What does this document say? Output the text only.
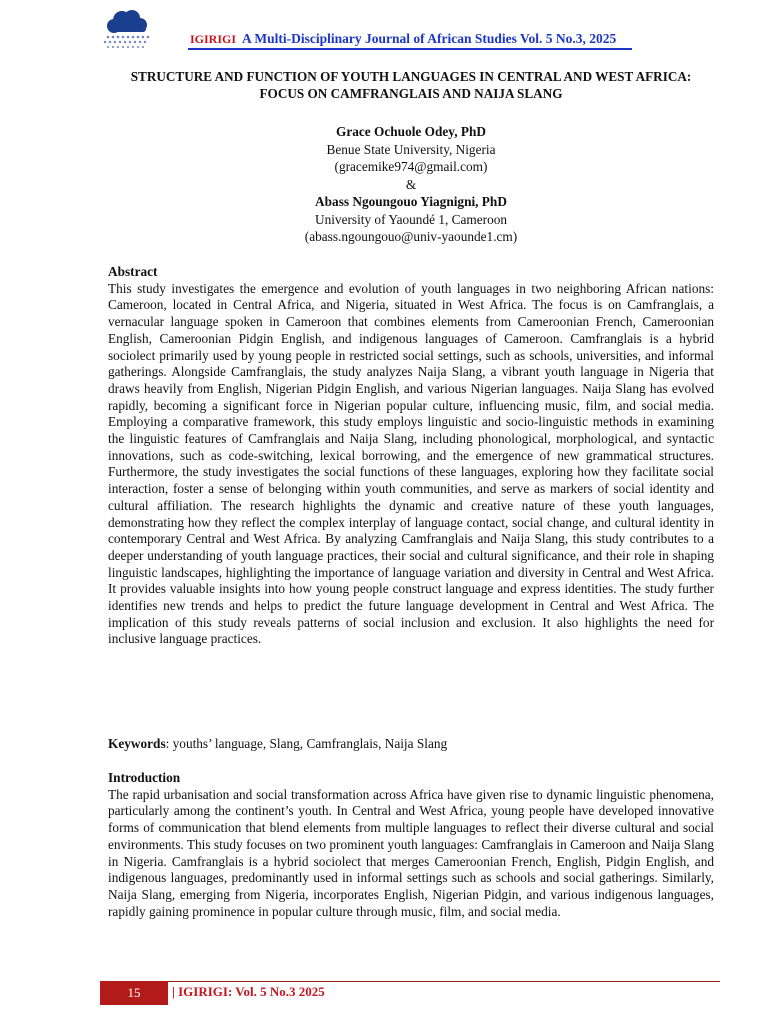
IGIRIGI A Multi-Disciplinary Journal of African Studies Vol. 5 No.3, 2025
STRUCTURE AND FUNCTION OF YOUTH LANGUAGES IN CENTRAL AND WEST AFRICA: FOCUS ON CAMFRANGLAIS AND NAIJA SLANG
Grace Ochuole Odey, PhD
Benue State University, Nigeria
(gracemike974@gmail.com)
&
Abass Ngoungouo Yiagnigni, PhD
University of Yaoundé 1, Cameroon
(abass.ngoungouo@univ-yaounde1.cm)
Abstract

This study investigates the emergence and evolution of youth languages in two neighboring African nations: Cameroon, located in Central Africa, and Nigeria, situated in West Africa. The focus is on Camfranglais, a vernacular language spoken in Cameroon that combines elements from Cameroonian French, Cameroonian English, Cameroonian Pidgin English, and indigenous languages of Cameroon. Camfranglais is a hybrid sociolect primarily used by young people in restricted social settings, such as schools, universities, and informal gatherings. Alongside Camfranglais, the study analyzes Naija Slang, a vibrant youth language in Nigeria that draws heavily from English, Nigerian Pidgin English, and various Nigerian languages. Naija Slang has evolved rapidly, becoming a significant force in Nigerian popular culture, influencing music, film, and social media. Employing a comparative framework, this study employs linguistic and socio-linguistic methods in examining the linguistic features of Camfranglais and Naija Slang, including phonological, morphological, and syntactic innovations, such as code-switching, lexical borrowing, and the emergence of new grammatical structures. Furthermore, the study investigates the social functions of these languages, exploring how they facilitate social interaction, foster a sense of belonging within youth communities, and serve as markers of social identity and cultural affiliation. The research highlights the dynamic and creative nature of these youth languages, demonstrating how they reflect the complex interplay of language contact, social change, and cultural identity in contemporary Central and West Africa. By analyzing Camfranglais and Naija Slang, this study contributes to a deeper understanding of youth language practices, their social and cultural significance, and their role in shaping linguistic landscapes, highlighting the importance of language variation and diversity in Central and West Africa. It provides valuable insights into how young people construct language and express identities. The study further identifies new trends and helps to predict the future language development in Central and West Africa. The implication of this study reveals patterns of social inclusion and exclusion. It also highlights the need for inclusive language practices.

Keywords: youths’ language, Slang, Camfranglais, Naija Slang

Introduction

The rapid urbanisation and social transformation across Africa have given rise to dynamic linguistic phenomena, particularly among the continent’s youth. In Central and West Africa, young people have developed innovative forms of communication that blend elements from multiple languages to reflect their diverse cultural and social environments. This study focuses on two prominent youth languages: Camfranglais in Cameroon and Naija Slang in Nigeria. Camfranglais is a hybrid sociolect that merges Cameroonian French, English, Pidgin English, and indigenous languages, predominantly used in informal settings such as schools and social gatherings. Similarly, Naija Slang, emerging from Nigeria, incorporates English, Nigerian Pidgin, and various indigenous languages, rapidly gaining prominence in popular culture through music, film, and social media.

15	| IGIRIGI: Vol. 5 No.3 2025
